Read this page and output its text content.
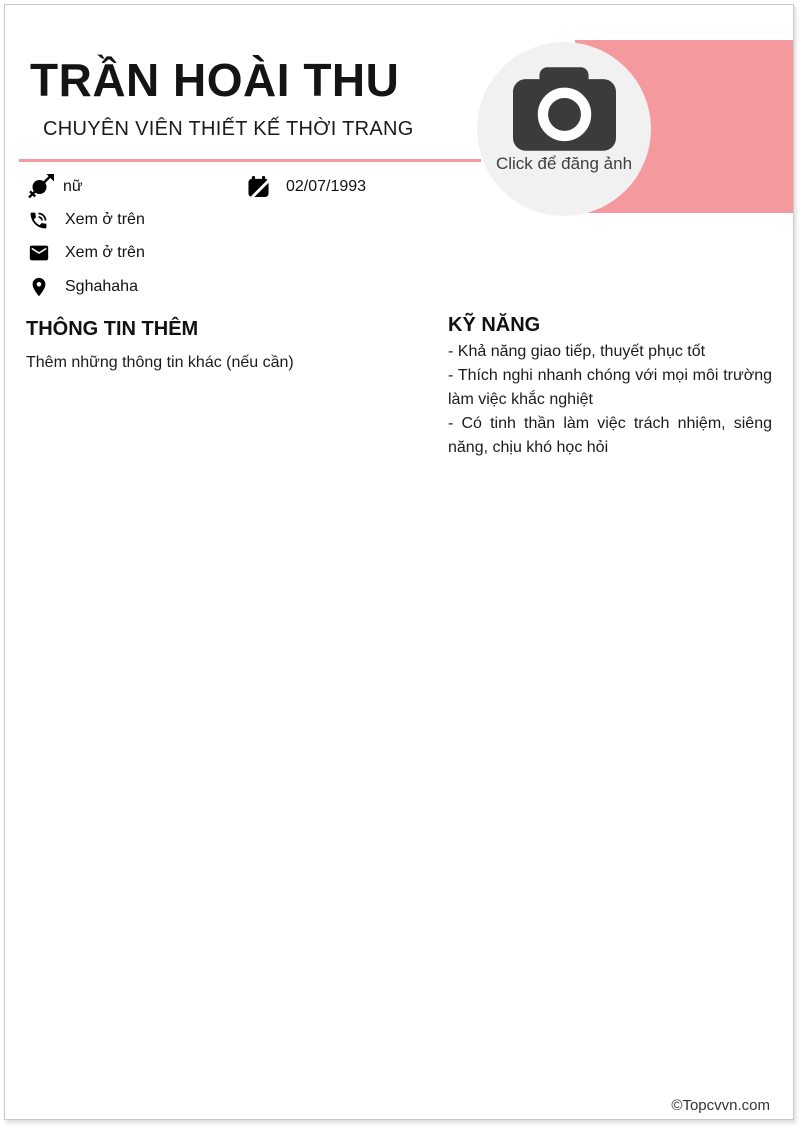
TRẦN HOÀI THU
CHUYÊN VIÊN THIẾT KẾ THỜI TRANG
Click để đăng ảnh
nữ	02/07/1993
Xem ở trên
Xem ở trên
Sghahaha
THÔNG TIN THÊM
Thêm những thông tin khác (nếu cần)
KỸ NĂNG
- Khả năng giao tiếp, thuyết phục tốt
- Thích nghi nhanh chóng với mọi môi trường làm việc khắc nghiệt
- Có tinh thần làm việc trách nhiệm, siêng năng, chịu khó học hỏi
©Topcvvn.com
